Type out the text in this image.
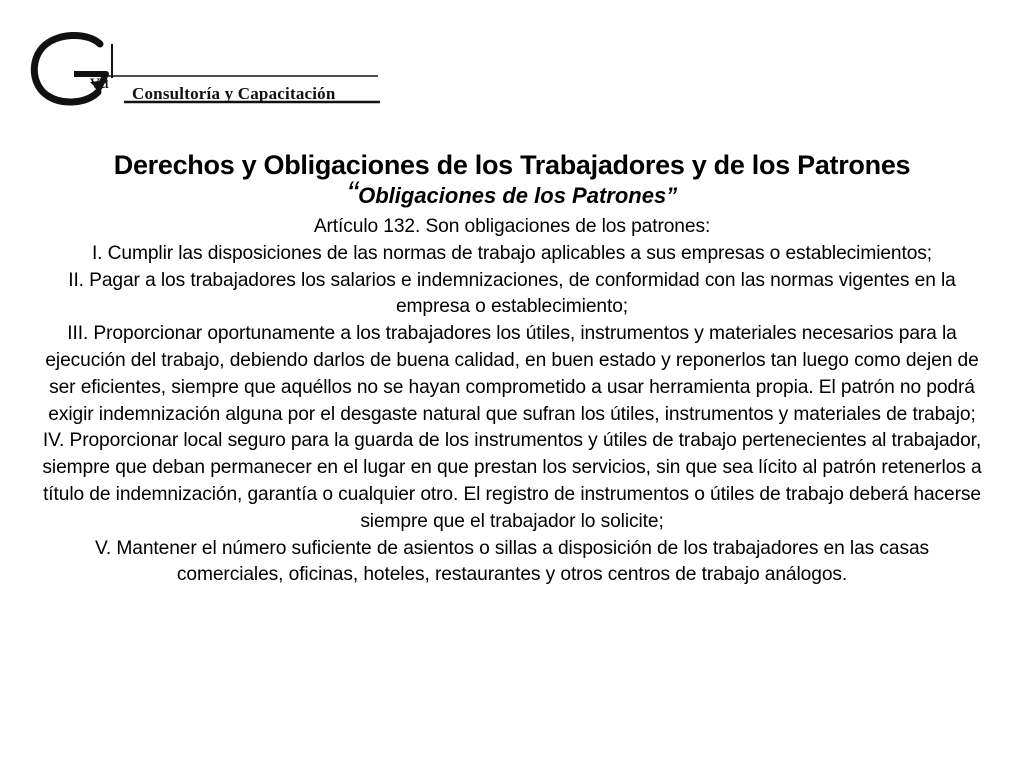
va
Consultoría y Capacitación
Derechos y Obligaciones de los Trabajadores y de los Patrones

“Obligaciones de los Patrones”

Artículo 132. Son obligaciones de los patrones:

I. Cumplir las disposiciones de las normas de trabajo aplicables a sus empresas o establecimientos;

II. Pagar a los trabajadores los salarios e indemnizaciones, de conformidad con las normas vigentes en la empresa o establecimiento;

III. Proporcionar oportunamente a los trabajadores los útiles, instrumentos y materiales necesarios para la ejecución del trabajo, debiendo darlos de buena calidad, en buen estado y reponerlos tan luego como dejen de ser eficientes, siempre que aquéllos no se hayan comprometido a usar herramienta propia. El patrón no podrá exigir indemnización alguna por el desgaste natural que sufran los útiles, instrumentos y materiales de trabajo;

IV. Proporcionar local seguro para la guarda de los instrumentos y útiles de trabajo pertenecientes al trabajador, siempre que deban permanecer en el lugar en que prestan los servicios, sin que sea lícito al patrón retenerlos a título de indemnización, garantía o cualquier otro. El registro de instrumentos o útiles de trabajo deberá hacerse siempre que el trabajador lo solicite;

V. Mantener el número suficiente de asientos o sillas a disposición de los trabajadores en las casas comerciales, oficinas, hoteles, restaurantes y otros centros de trabajo análogos.
